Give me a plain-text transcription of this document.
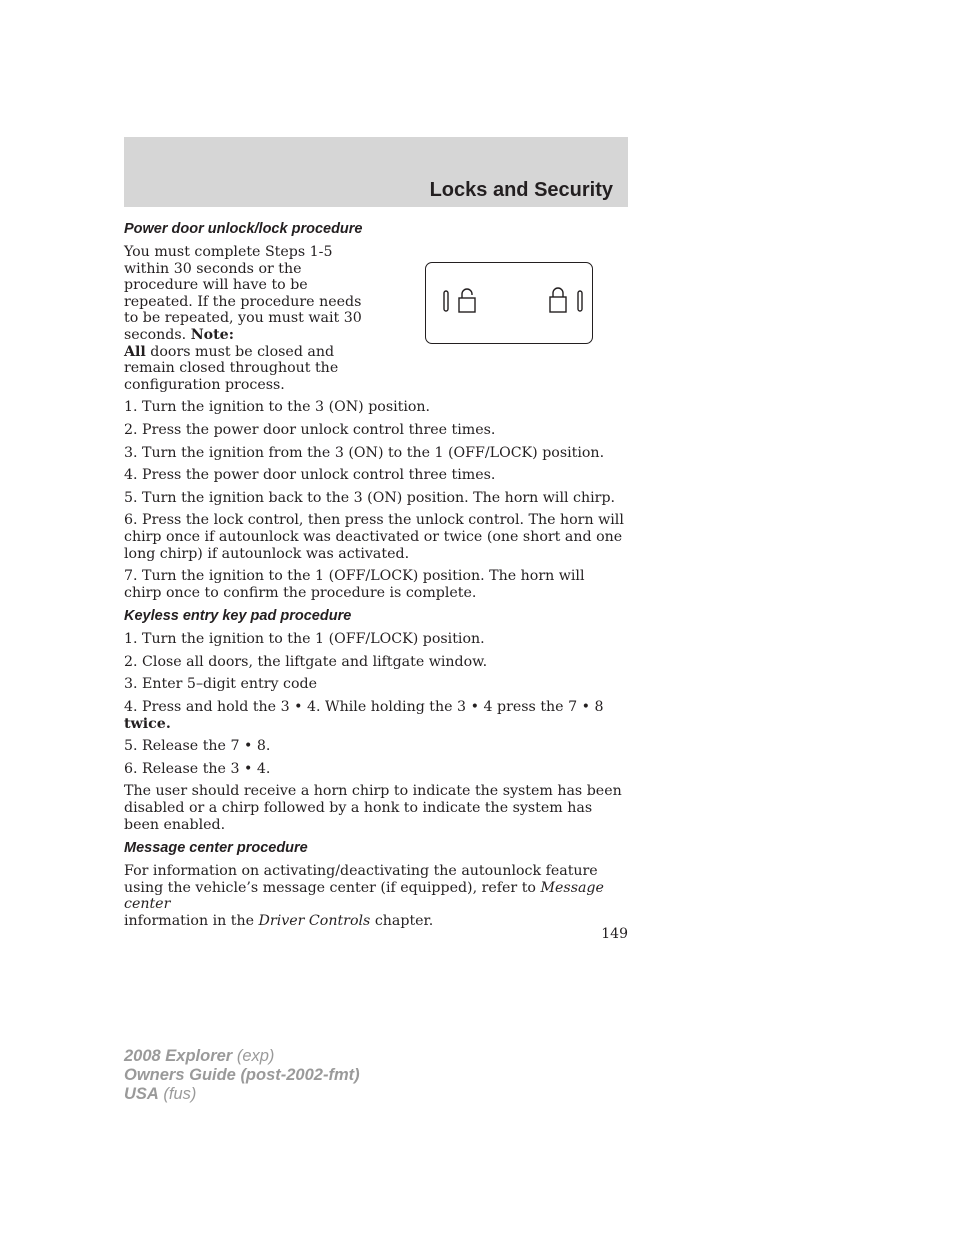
Locks and Security
Power door unlock/lock procedure

You must complete Steps 1-5 within 30 seconds or the procedure will have to be repeated. If the procedure needs to be repeated, you must wait 30 seconds. Note:
All doors must be closed and remain closed throughout the configuration process.

1. Turn the ignition to the 3 (ON) position.

2. Press the power door unlock control three times.

3. Turn the ignition from the 3 (ON) to the 1 (OFF/LOCK) position.

4. Press the power door unlock control three times.

5. Turn the ignition back to the 3 (ON) position. The horn will chirp.

6. Press the lock control, then press the unlock control. The horn will chirp once if autounlock was deactivated or twice (one short and one long chirp) if autounlock was activated.

7. Turn the ignition to the 1 (OFF/LOCK) position. The horn will chirp once to confirm the procedure is complete.

Keyless entry key pad procedure

1. Turn the ignition to the 1 (OFF/LOCK) position.

2. Close all doors, the liftgate and liftgate window.

3. Enter 5–digit entry code

4. Press and hold the 3 • 4. While holding the 3 • 4 press the 7 • 8
twice.

5. Release the 7 • 8.

6. Release the 3 • 4.

The user should receive a horn chirp to indicate the system has been disabled or a chirp followed by a honk to indicate the system has been enabled.

Message center procedure

For information on activating/deactivating the autounlock feature using the vehicle’s message center (if equipped), refer to Message center
information in the Driver Controls chapter.

149
2008 Explorer (exp)
Owners Guide (post-2002-fmt)
USA (fus)
